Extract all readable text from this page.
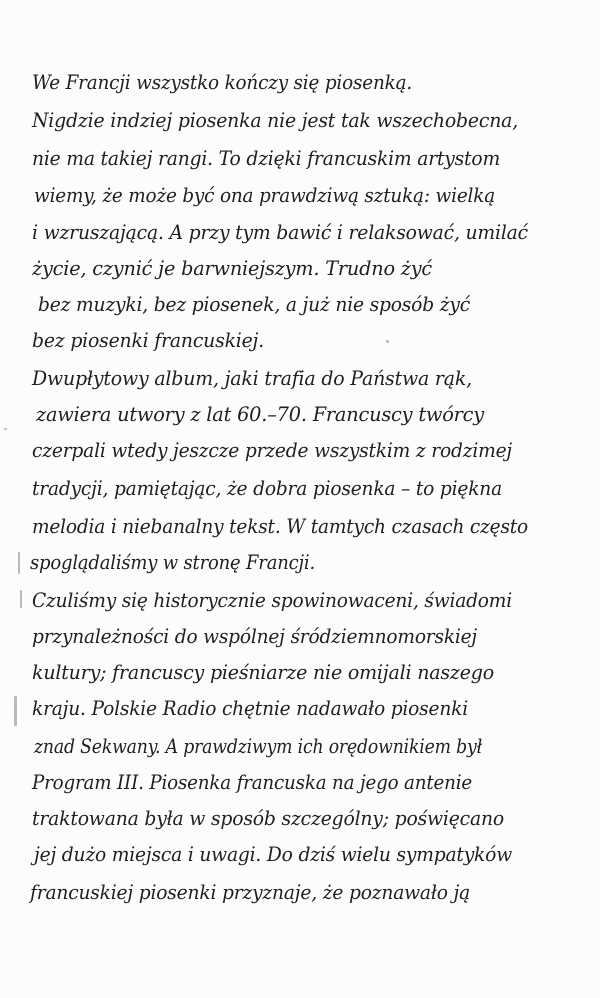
We Francji wszystko kończy się piosenką.
Nigdzie indziej piosenka nie jest tak wszechobecna,
nie ma takiej rangi. To dzięki francuskim artystom
wiemy, że może być ona prawdziwą sztuką: wielką
i wzruszającą. A przy tym bawić i relaksować, umilać
życie, czynić je barwniejszym. Trudno żyć
bez muzyki, bez piosenek, a już nie sposób żyć
bez piosenki francuskiej.
Dwupłytowy album, jaki trafia do Państwa rąk,
zawiera utwory z lat 60.–70. Francuscy twórcy
czerpali wtedy jeszcze przede wszystkim z rodzimej
tradycji, pamiętając, że dobra piosenka – to piękna
melodia i niebanalny tekst. W tamtych czasach często
spoglądaliśmy w stronę Francji.
Czuliśmy się historycznie spowinowaceni, świadomi
przynależności do wspólnej śródziemnomorskiej
kultury; francuscy pieśniarze nie omijali naszego
kraju. Polskie Radio chętnie nadawało piosenki
znad Sekwany. A prawdziwym ich orędownikiem był
Program III. Piosenka francuska na jego antenie
traktowana była w sposób szczególny; poświęcano
jej dużo miejsca i uwagi. Do dziś wielu sympatyków
francuskiej piosenki przyznaje, że poznawało ją
